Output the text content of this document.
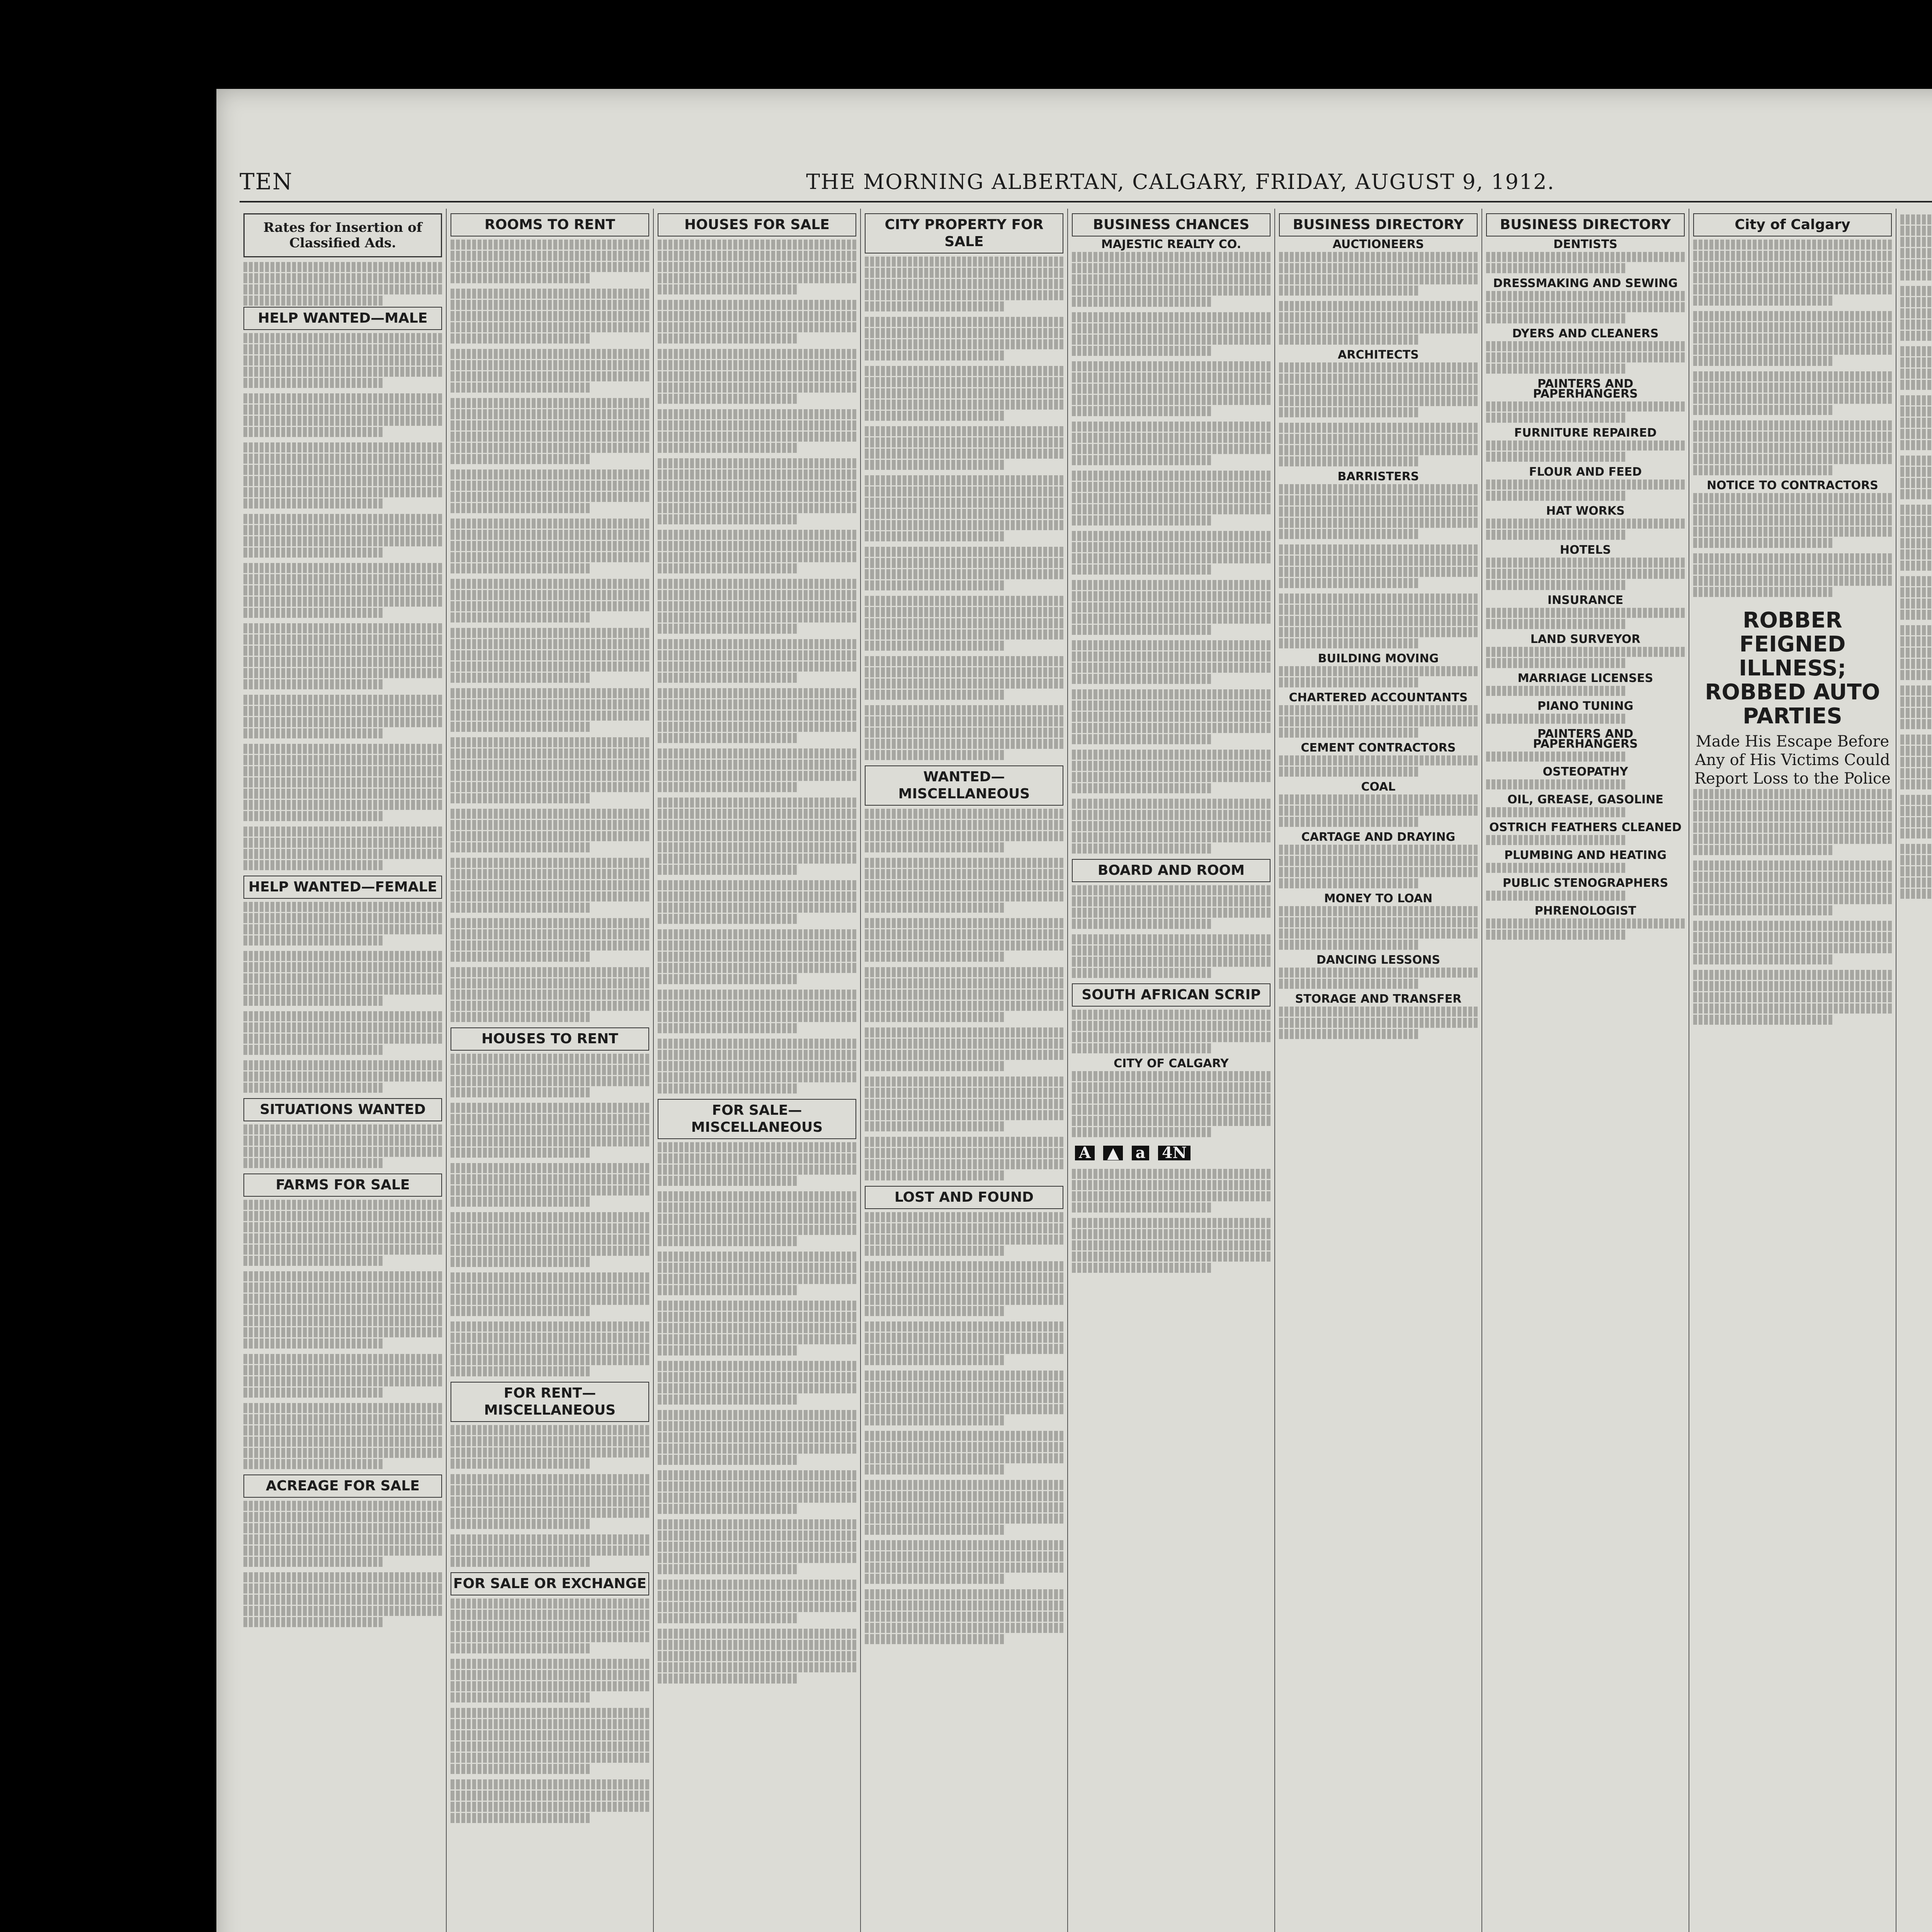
TEN	THE MORNING ALBERTAN, CALGARY, FRIDAY, AUGUST 9, 1912.
Rates for Insertion of Classified Ads.
HELP WANTED—MALE
HELP WANTED—FEMALE
SITUATIONS WANTED
FARMS FOR SALE
ACREAGE FOR SALE
ROOMS TO RENT
HOUSES TO RENT
FOR RENT—MISCELLANEOUS
FOR SALE OR EXCHANGE
HOUSES FOR SALE
FOR SALE—MISCELLANEOUS
CITY PROPERTY FOR SALE
WANTED—MISCELLANEOUS
LOST AND FOUND
BUSINESS CHANCES
MAJESTIC REALTY CO.
BOARD AND ROOM
SOUTH AFRICAN SCRIP
CITY OF CALGARY
A ▲ a 4N
BUSINESS DIRECTORY
AUCTIONEERS
ARCHITECTS
BARRISTERS
BUILDING MOVING
CHARTERED ACCOUNTANTS
CEMENT CONTRACTORS
COAL
CARTAGE AND DRAYING
MONEY TO LOAN
DANCING LESSONS
STORAGE AND TRANSFER
BUSINESS DIRECTORY
DENTISTS
DRESSMAKING AND SEWING
DYERS AND CLEANERS
PAINTERS AND PAPERHANGERS
FURNITURE REPAIRED
FLOUR AND FEED
HAT WORKS
HOTELS
INSURANCE
LAND SURVEYOR
MARRIAGE LICENSES
PIANO TUNING
PAINTERS AND PAPERHANGERS
OSTEOPATHY
OIL, GREASE, GASOLINE
OSTRICH FEATHERS CLEANED
PLUMBING AND HEATING
PUBLIC STENOGRAPHERS
PHRENOLOGIST
City of Calgary
NOTICE TO CONTRACTORS
ROBBER FEIGNED ILLNESS; ROBBED AUTO PARTIES
Made His Escape Before Any of His Victims Could Report Loss to the Police
